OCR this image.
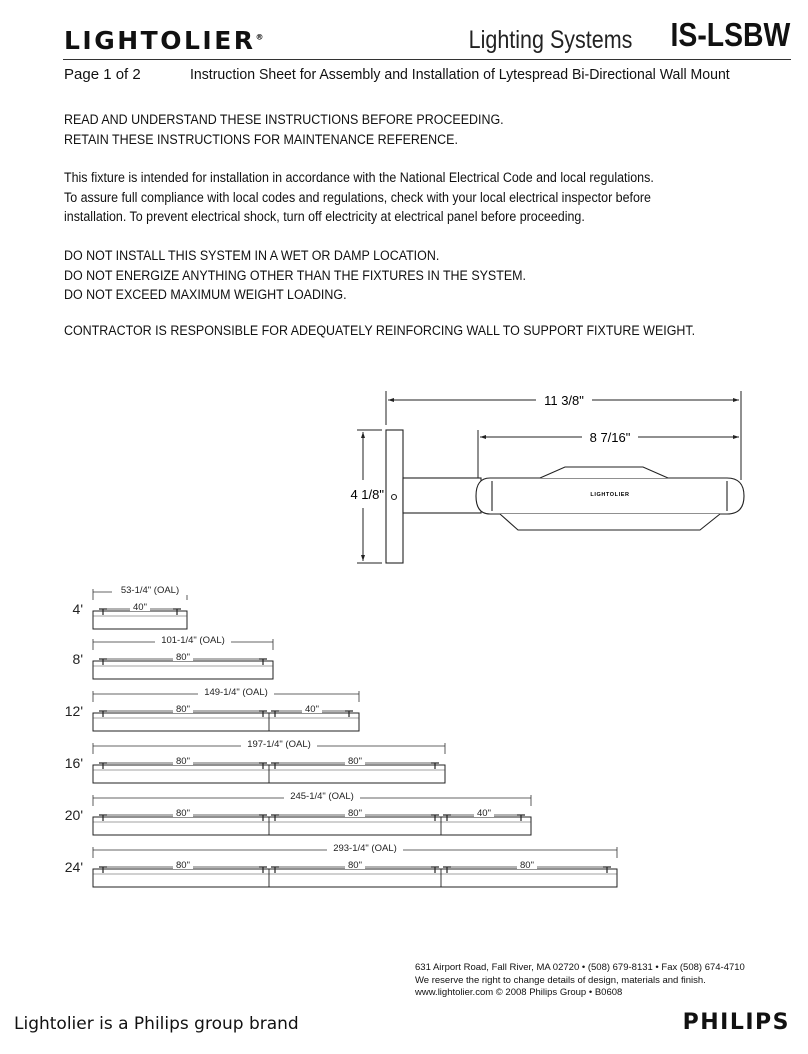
LIGHTOLIER®	Lighting Systems IS-LSBW
Page 1 of 2	Instruction Sheet for Assembly and Installation of Lytespread Bi-Directional Wall Mount
READ AND UNDERSTAND THESE INSTRUCTIONS BEFORE PROCEEDING.
RETAIN THESE INSTRUCTIONS FOR MAINTENANCE REFERENCE.
This fixture is intended for installation in accordance with the National Electrical Code and local regulations.
To assure full compliance with local codes and regulations, check with your local electrical inspector before
installation. To prevent electrical shock, turn off electricity at electrical panel before proceeding.
DO NOT INSTALL THIS SYSTEM IN A WET OR DAMP LOCATION.
DO NOT ENERGIZE ANYTHING OTHER THAN THE FIXTURES IN THE SYSTEM.
DO NOT EXCEED MAXIMUM WEIGHT LOADING.
CONTRACTOR IS RESPONSIBLE FOR ADEQUATELY REINFORCING WALL TO SUPPORT FIXTURE WEIGHT.
11 3/8"
8 7/16"
4 1/8"	LIGHTOLIER
4'
53-1/4" (OAL)
40"
8'
101-1/4" (OAL)
80"
12'
149-1/4" (OAL)
80"	40"
16'
197-1/4" (OAL)
80"	80"
20'
245-1/4" (OAL)
80"	80"	40"
24'
293-1/4" (OAL)
80"	80"	80"
631 Airport Road, Fall River, MA 02720 • (508) 679-8131 • Fax (508) 674-4710
We reserve the right to change details of design, materials and finish.
www.lightolier.com © 2008 Philips Group • B0608
Lightolier is a Philips group brand	PHILIPS
